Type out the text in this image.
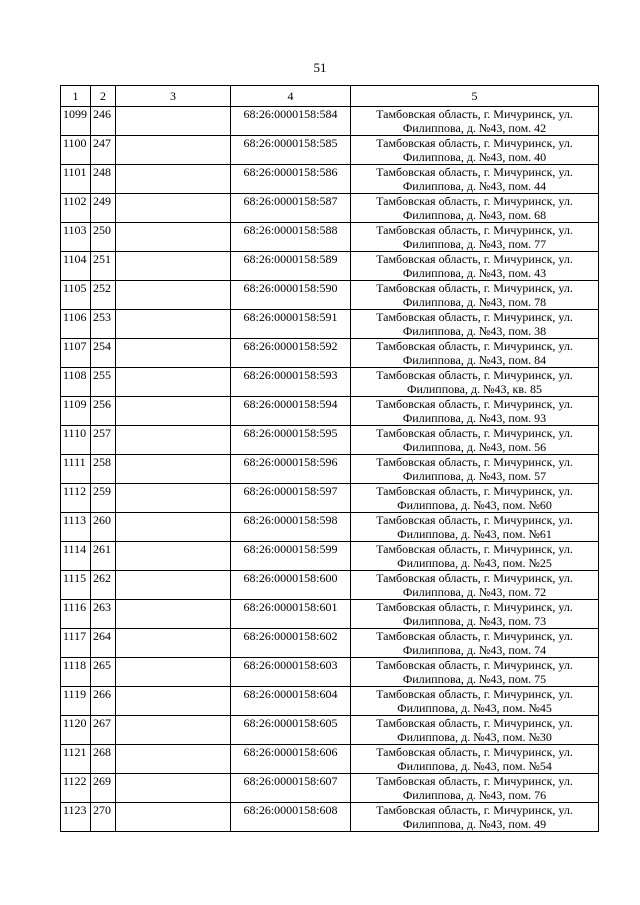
51
1	2	3	4	5
1099	246		68:26:0000158:584	Тамбовская область, г. Мичуринск, ул.
Филиппова, д. №43, пом. 42

1100	247		68:26:0000158:585	Тамбовская область, г. Мичуринск, ул.
Филиппова, д. №43, пом. 40

1101	248		68:26:0000158:586	Тамбовская область, г. Мичуринск, ул.
Филиппова, д. №43, пом. 44

1102	249		68:26:0000158:587	Тамбовская область, г. Мичуринск, ул.
Филиппова, д. №43, пом. 68

1103	250		68:26:0000158:588	Тамбовская область, г. Мичуринск, ул.
Филиппова, д. №43, пом. 77

1104	251		68:26:0000158:589	Тамбовская область, г. Мичуринск, ул.
Филиппова, д. №43, пом. 43

1105	252		68:26:0000158:590	Тамбовская область, г. Мичуринск, ул.
Филиппова, д. №43, пом. 78

1106	253		68:26:0000158:591	Тамбовская область, г. Мичуринск, ул.
Филиппова, д. №43, пом. 38

1107	254		68:26:0000158:592	Тамбовская область, г. Мичуринск, ул.
Филиппова, д. №43, пом. 84

1108	255		68:26:0000158:593	Тамбовская область, г. Мичуринск, ул.
Филиппова, д. №43, кв. 85

1109	256		68:26:0000158:594	Тамбовская область, г. Мичуринск, ул.
Филиппова, д. №43, пом. 93

1110	257		68:26:0000158:595	Тамбовская область, г. Мичуринск, ул.
Филиппова, д. №43, пом. 56

1111	258		68:26:0000158:596	Тамбовская область, г. Мичуринск, ул.
Филиппова, д. №43, пом. 57

1112	259		68:26:0000158:597	Тамбовская область, г. Мичуринск, ул.
Филиппова, д. №43, пом. №60

1113	260		68:26:0000158:598	Тамбовская область, г. Мичуринск, ул.
Филиппова, д. №43, пом. №61

1114	261		68:26:0000158:599	Тамбовская область, г. Мичуринск, ул.
Филиппова, д. №43, пом. №25

1115	262		68:26:0000158:600	Тамбовская область, г. Мичуринск, ул.
Филиппова, д. №43, пом. 72

1116	263		68:26:0000158:601	Тамбовская область, г. Мичуринск, ул.
Филиппова, д. №43, пом. 73

1117	264		68:26:0000158:602	Тамбовская область, г. Мичуринск, ул.
Филиппова, д. №43, пом. 74

1118	265		68:26:0000158:603	Тамбовская область, г. Мичуринск, ул.
Филиппова, д. №43, пом. 75

1119	266		68:26:0000158:604	Тамбовская область, г. Мичуринск, ул.
Филиппова, д. №43, пом. №45

1120	267		68:26:0000158:605	Тамбовская область, г. Мичуринск, ул.
Филиппова, д. №43, пом. №30

1121	268		68:26:0000158:606	Тамбовская область, г. Мичуринск, ул.
Филиппова, д. №43, пом. №54

1122	269		68:26:0000158:607	Тамбовская область, г. Мичуринск, ул.
Филиппова, д. №43, пом. 76

1123	270		68:26:0000158:608	Тамбовская область, г. Мичуринск, ул.
Филиппова, д. №43, пом. 49
